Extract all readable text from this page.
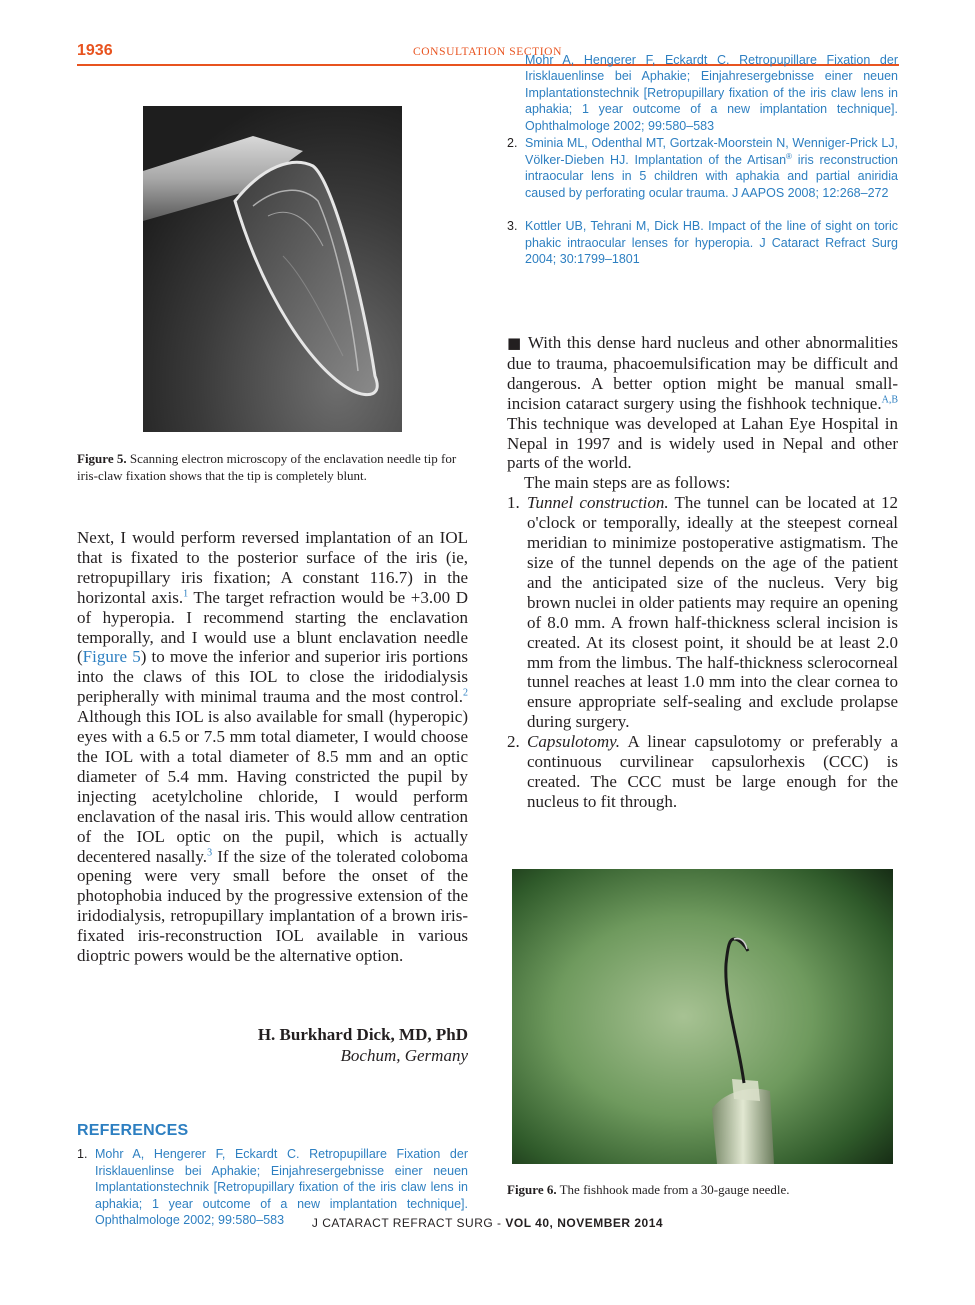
1936	CONSULTATION SECTION
Figure 5. Scanning electron microscopy of the enclavation needle tip for iris-claw fixation shows that the tip is completely blunt.

Next, I would perform reversed implantation of an IOL that is fixated to the posterior surface of the iris (ie, retropupillary iris fixation; A constant 116.7) in the horizontal axis.$^1$ The target refraction would be +3.00 D of hyperopia. I recommend starting the enclavation temporally, and I would use a blunt enclavation needle (Figure 5) to move the inferior and superior iris portions into the claws of this IOL to close the iridodialysis peripherally with minimal trauma and the most control.$^2$ Although this IOL is also available for small (hyperopic) eyes with a 6.5 or 7.5 mm total diameter, I would choose the IOL with a total diameter of 8.5 mm and an optic diameter of 5.4 mm. Having constricted the pupil by injecting acetylcholine chloride, I would perform enclavation of the nasal iris. This would allow centration of the IOL optic on the pupil, which is actually decentered nasally.$^3$ If the size of the tolerated coloboma opening were very small before the onset of the photophobia induced by the progressive extension of the iridodialysis, retropupillary implantation of a brown iris-fixated iris-reconstruction IOL available in various dioptric powers would be the alternative option.

H. Burkhard Dick, MD, PhD
Bochum, Germany
REFERENCES
1. Mohr A, Hengerer F, Eckardt C. Retropupillare Fixation der Irisklauenlinse bei Aphakie; Einjahresergebnisse einer neuen Implantationstechnik [Retropupillary fixation of the iris claw lens in aphakia; 1 year outcome of a new implantation technique]. Ophthalmologe 2002; 99:580–583
Mohr A, Hengerer F, Eckardt C. Retropupillare Fixation der Irisklauenlinse bei Aphakie; Einjahresergebnisse einer neuen Implantationstechnik [Retropupillary fixation of the iris claw lens in aphakia; 1 year outcome of a new implantation technique]. Ophthalmologe 2002; 99:580–583
2. Sminia ML, Odenthal MT, Gortzak-Moorstein N, Wenniger-Prick LJ, Völker-Dieben HJ. Implantation of the Artisan® iris reconstruction intraocular lens in 5 children with aphakia and partial aniridia caused by perforating ocular trauma. J AAPOS 2008; 12:268–272
3. Kottler UB, Tehrani M, Dick HB. Impact of the line of sight on toric phakic intraocular lenses for hyperopia. J Cataract Refract Surg 2004; 30:1799–1801

■ With this dense hard nucleus and other abnormalities due to trauma, phacoemulsification may be difficult and dangerous. A better option might be manual small-incision cataract surgery using the fishhook technique.$^{A,B}$ This technique was developed at Lahan Eye Hospital in Nepal in 1997 and is widely used in Nepal and other parts of the world.

The main steps are as follows:

1. Tunnel construction. The tunnel can be located at 12 o'clock or temporally, ideally at the steepest corneal meridian to minimize postoperative astigmatism. The size of the tunnel depends on the age of the patient and the anticipated size of the nucleus. Very big brown nuclei in older patients may require an opening of 8.0 mm. A frown half-thickness scleral incision is created. At its closest point, it should be at least 2.0 mm from the limbus. The half-thickness sclerocorneal tunnel reaches at least 1.0 mm into the clear cornea to ensure appropriate self-sealing and exclude prolapse during surgery.
2. Capsulotomy. A linear capsulotomy or preferably a continuous curvilinear capsulorhexis (CCC) is created. The CCC must be large enough for the nucleus to fit through.
Figure 6. The fishhook made from a 30-gauge needle.
J CATARACT REFRACT SURG - VOL 40, NOVEMBER 2014
